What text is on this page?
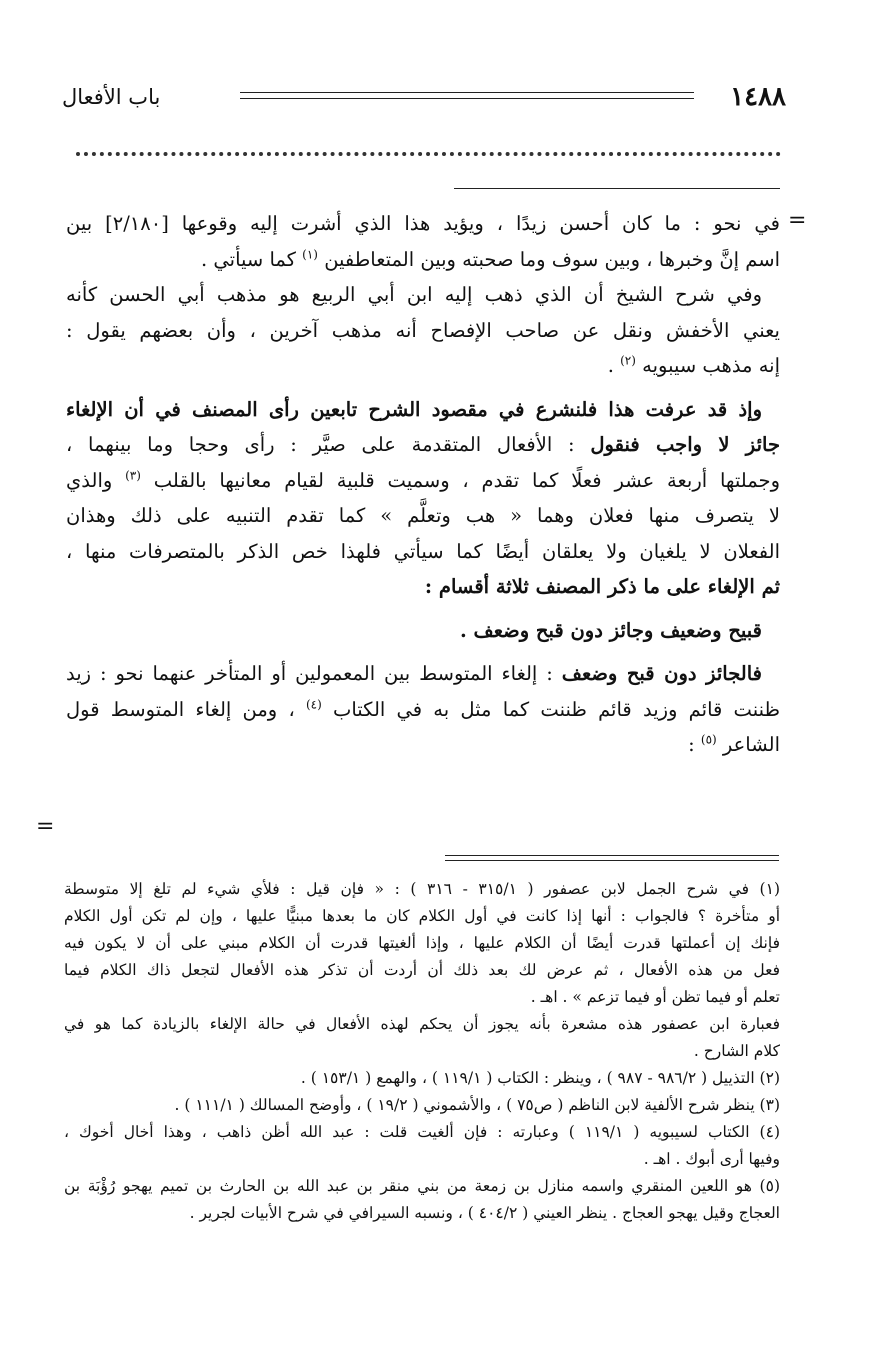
١٤٨٨
باب الأفعال
=
=
في نحو : ما كان أحسن زيدًا ، ويؤيد هذا الذي أشرت إليه وقوعها [٢/١٨٠] بين
اسم إنَّ وخبرها ، وبين سوف وما صحبته وبين المتعاطفين $^{(١)}$ كما سيأتي .
وفي شرح الشيخ أن الذي ذهب إليه ابن أبي الربيع هو مذهب أبي الحسن كأنه
يعني الأخفش ونقل عن صاحب الإفصاح أنه مذهب آخرين ، وأن بعضهم يقول :
إنه مذهب سيبويه $^{(٢)}$ .
وإذ قد عرفت هذا فلنشرع في مقصود الشرح تابعين رأى المصنف في أن الإلغاء
جائز لا واجب فنقول : الأفعال المتقدمة على صيَّر : رأى وحجا وما بينهما ،
وجملتها أربعة عشر فعلًا كما تقدم ، وسميت قلبية لقيام معانيها بالقلب $^{(٣)}$ والذي
لا يتصرف منها فعلان وهما « هب وتعلَّم » كما تقدم التنبيه على ذلك وهذان
الفعلان لا يلغيان ولا يعلقان أيضًا كما سيأتي فلهذا خص الذكر بالمتصرفات منها ،
ثم الإلغاء على ما ذكر المصنف ثلاثة أقسام :
قبيح وضعيف وجائز دون قبح وضعف .
فالجائز دون قبح وضعف : إلغاء المتوسط بين المعمولين أو المتأخر عنهما نحو : زيد
ظننت قائم وزيد قائم ظننت كما مثل به في الكتاب $^{(٤)}$ ، ومن إلغاء المتوسط قول
الشاعر $^{(٥)}$ :
(١) في شرح الجمل لابن عصفور ( ٣١٥/١ - ٣١٦ ) : « فإن قيل : فلأي شيء لم تلغ إلا متوسطة
أو متأخرة ؟ فالجواب : أنها إذا كانت في أول الكلام كان ما بعدها مبنيًّا عليها ، وإن لم تكن أول الكلام
فإنك إن أعملتها قدرت أيضًا أن الكلام عليها ، وإذا ألغيتها قدرت أن الكلام مبني على أن لا يكون فيه
فعل من هذه الأفعال ، ثم عرض لك بعد ذلك أن أردت أن تذكر هذه الأفعال لتجعل ذاك الكلام فيما
تعلم أو فيما تظن أو فيما تزعم » . اهـ .
فعبارة ابن عصفور هذه مشعرة بأنه يجوز أن يحكم لهذه الأفعال في حالة الإلغاء بالزيادة كما هو في
كلام الشارح .
(٢) التذييل ( ٩٨٦/٢ - ٩٨٧ ) ، وينظر : الكتاب ( ١١٩/١ ) ، والهمع ( ١٥٣/١ ) .
(٣) ينظر شرح الألفية لابن الناظم ( ص٧٥ ) ، والأشموني ( ١٩/٢ ) ، وأوضح المسالك ( ١١١/١ ) .
(٤) الكتاب لسيبويه ( ١١٩/١ ) وعبارته : فإن ألغيت قلت : عبد الله أظن ذاهب ، وهذا أخال أخوك ،
وفيها أرى أبوك . اهـ .
(٥) هو اللعين المنقري واسمه منازل بن زمعة من بني منقر بن عبد الله بن الحارث بن تميم يهجو رُؤْبَة بن
العجاج وقيل يهجو العجاج . ينظر العيني ( ٤٠٤/٢ ) ، ونسبه السيرافي في شرح الأبيات لجرير .
